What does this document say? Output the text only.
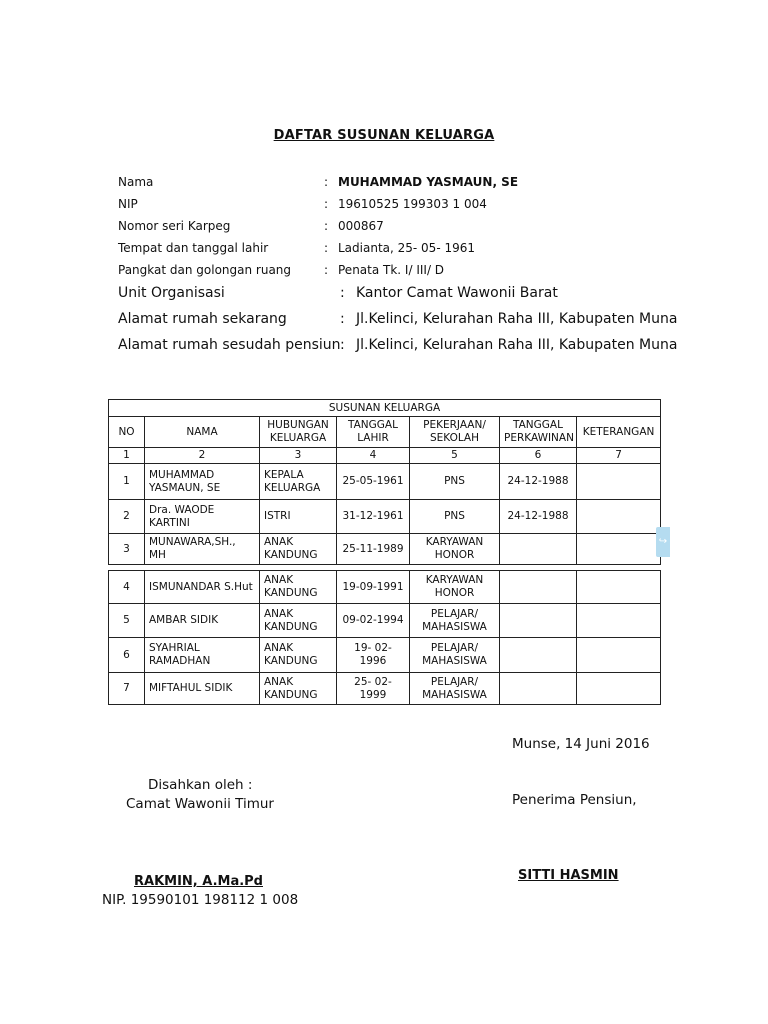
DAFTAR SUSUNAN KELUARGA
Nama	: MUHAMMAD YASMAUN, SE
NIP	: 19610525 199303 1 004
Nomor seri Karpeg	: 000867
Tempat dan tanggal lahir	: Ladianta, 25- 05- 1961
Pangkat dan golongan ruang	: Penata Tk. I/ III/ D
Unit Organisasi	: Kantor Camat Wawonii Barat
Alamat rumah sekarang	: Jl.Kelinci, Kelurahan Raha III, Kabupaten Muna
Alamat rumah sesudah pensiun : Jl.Kelinci, Kelurahan Raha III, Kabupaten Muna
SUSUNAN KELUARGA						
NO	NAMA	HUBUNGAN KELUARGA	TANGGAL LAHIR	PEKERJAAN/ SEKOLAH	TANGGAL PERKAWINAN	KETERANGAN
1	2	3	4	5	6	7
1	MUHAMMAD YASMAUN, SE	KEPALA KELUARGA	25-05-1961	PNS	24-12-1988	
2	Dra. WAODE KARTINI	ISTRI	31-12-1961	PNS	24-12-1988	
3	MUNAWARA,SH., MH	ANAK KANDUNG	25-11-1989	KARYAWAN HONOR		
↪
4	ISMUNANDAR S.Hut	ANAK KANDUNG	19-09-1991	KARYAWAN HONOR		
5	AMBAR SIDIK	ANAK KANDUNG	09-02-1994	PELAJAR/ MAHASISWA		
6	SYAHRIAL RAMADHAN	ANAK KANDUNG	19- 02- 1996	PELAJAR/ MAHASISWA		
7	MIFTAHUL SIDIK	ANAK KANDUNG	25- 02- 1999	PELAJAR/ MAHASISWA		
Munse, 14 Juni 2016
Disahkan oleh :
Camat Wawonii Timur	Penerima Pensiun,
RAKMIN, A.Ma.Pd
NIP. 19590101 198112 1 008
SITTI HASMIN
